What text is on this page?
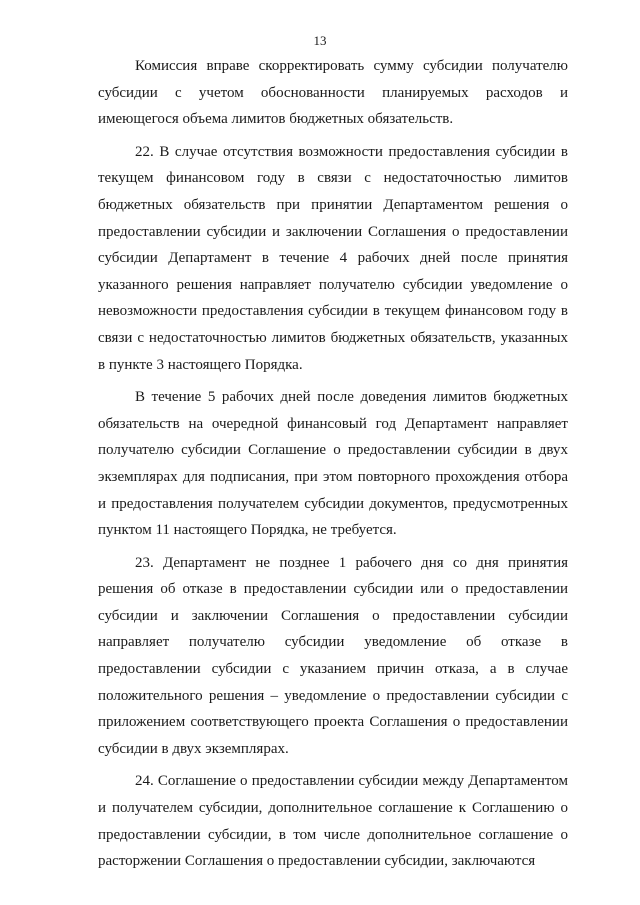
13

Комиссия вправе скорректировать сумму субсидии получателю субсидии с учетом обоснованности планируемых расходов и имеющегося объема лимитов бюджетных обязательств.

22. В случае отсутствия возможности предоставления субсидии в текущем финансовом году в связи с недостаточностью лимитов бюджетных обязательств при принятии Департаментом решения о предоставлении субсидии и заключении Соглашения о предоставлении субсидии Департамент в течение 4 рабочих дней после принятия указанного решения направляет получателю субсидии уведомление о невозможности предоставления субсидии в текущем финансовом году в связи с недостаточностью лимитов бюджетных обязательств, указанных в пункте 3 настоящего Порядка.

В течение 5 рабочих дней после доведения лимитов бюджетных обязательств на очередной финансовый год Департамент направляет получателю субсидии Соглашение о предоставлении субсидии в двух экземплярах для подписания, при этом повторного прохождения отбора и предоставления получателем субсидии документов, предусмотренных пунктом 11 настоящего Порядка, не требуется.

23. Департамент не позднее 1 рабочего дня со дня принятия решения об отказе в предоставлении субсидии или о предоставлении субсидии и заключении Соглашения о предоставлении субсидии направляет получателю субсидии уведомление об отказе в предоставлении субсидии с указанием причин отказа, а в случае положительного решения – уведомление о предоставлении субсидии с приложением соответствующего проекта Соглашения о предоставлении субсидии в двух экземплярах.

24. Соглашение о предоставлении субсидии между Департаментом и получателем субсидии, дополнительное соглашение к Соглашению о предоставлении субсидии, в том числе дополнительное соглашение о расторжении Соглашения о предоставлении субсидии, заключаются
